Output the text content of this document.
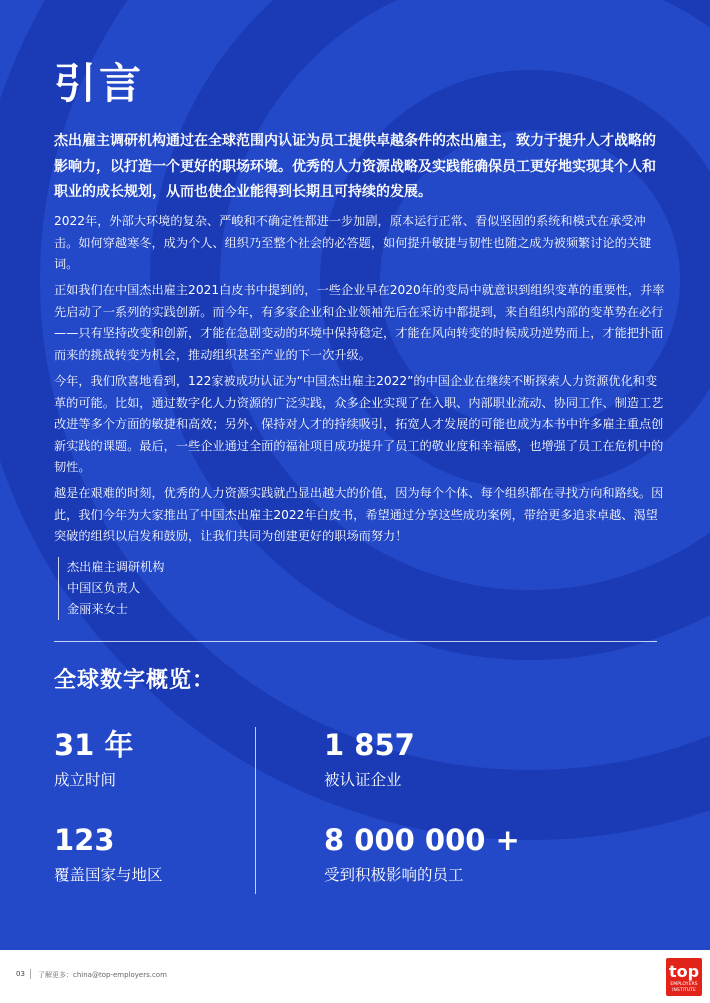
引言

杰出雇主调研机构通过在全球范围内认证为员工提供卓越条件的杰出雇主，致力于提升人才战略的影响力，以打造一个更好的职场环境。优秀的人力资源战略及实践能确保员工更好地实现其个人和职业的成长规划，从而也使企业能得到长期且可持续的发展。

2022年，外部大环境的复杂、严峻和不确定性都进一步加剧，原本运行正常、看似坚固的系统和模式在承受冲击。如何穿越寒冬，成为个人、组织乃至整个社会的必答题，如何提升敏捷与韧性也随之成为被频繁讨论的关键词。

正如我们在中国杰出雇主2021白皮书中提到的，一些企业早在2020年的变局中就意识到组织变革的重要性，并率先启动了一系列的实践创新。而今年，有多家企业和企业领袖先后在采访中都提到，来自组织内部的变革势在必行——只有坚持改变和创新，才能在急剧变动的环境中保持稳定，才能在风向转变的时候成功逆势而上，才能把扑面而来的挑战转变为机会，推动组织甚至产业的下一次升级。

今年，我们欣喜地看到，122家被成功认证为“中国杰出雇主2022”的中国企业在继续不断探索人力资源优化和变革的可能。比如，通过数字化人力资源的广泛实践，众多企业实现了在入职、内部职业流动、协同工作、制造工艺改进等多个方面的敏捷和高效；另外，保持对人才的持续吸引，拓宽人才发展的可能也成为本书中许多雇主重点创新实践的课题。最后，一些企业通过全面的福祉项目成功提升了员工的敬业度和幸福感，也增强了员工在危机中的韧性。

越是在艰难的时刻，优秀的人力资源实践就凸显出越大的价值，因为每个个体、每个组织都在寻找方向和路线。因此，我们今年为大家推出了中国杰出雇主2022年白皮书，希望通过分享这些成功案例，带给更多追求卓越、渴望突破的组织以启发和鼓励，让我们共同为创建更好的职场而努力！

杰出雇主调研机构
中国区负责人
金丽来女士
全球数字概览：
31 年
成立时间
1 857
被认证企业
123
覆盖国家与地区
8 000 000 +
受到积极影响的员工
03 了解更多：china@top-employers.com	top
EMPLOYERS
INSTITUTE
